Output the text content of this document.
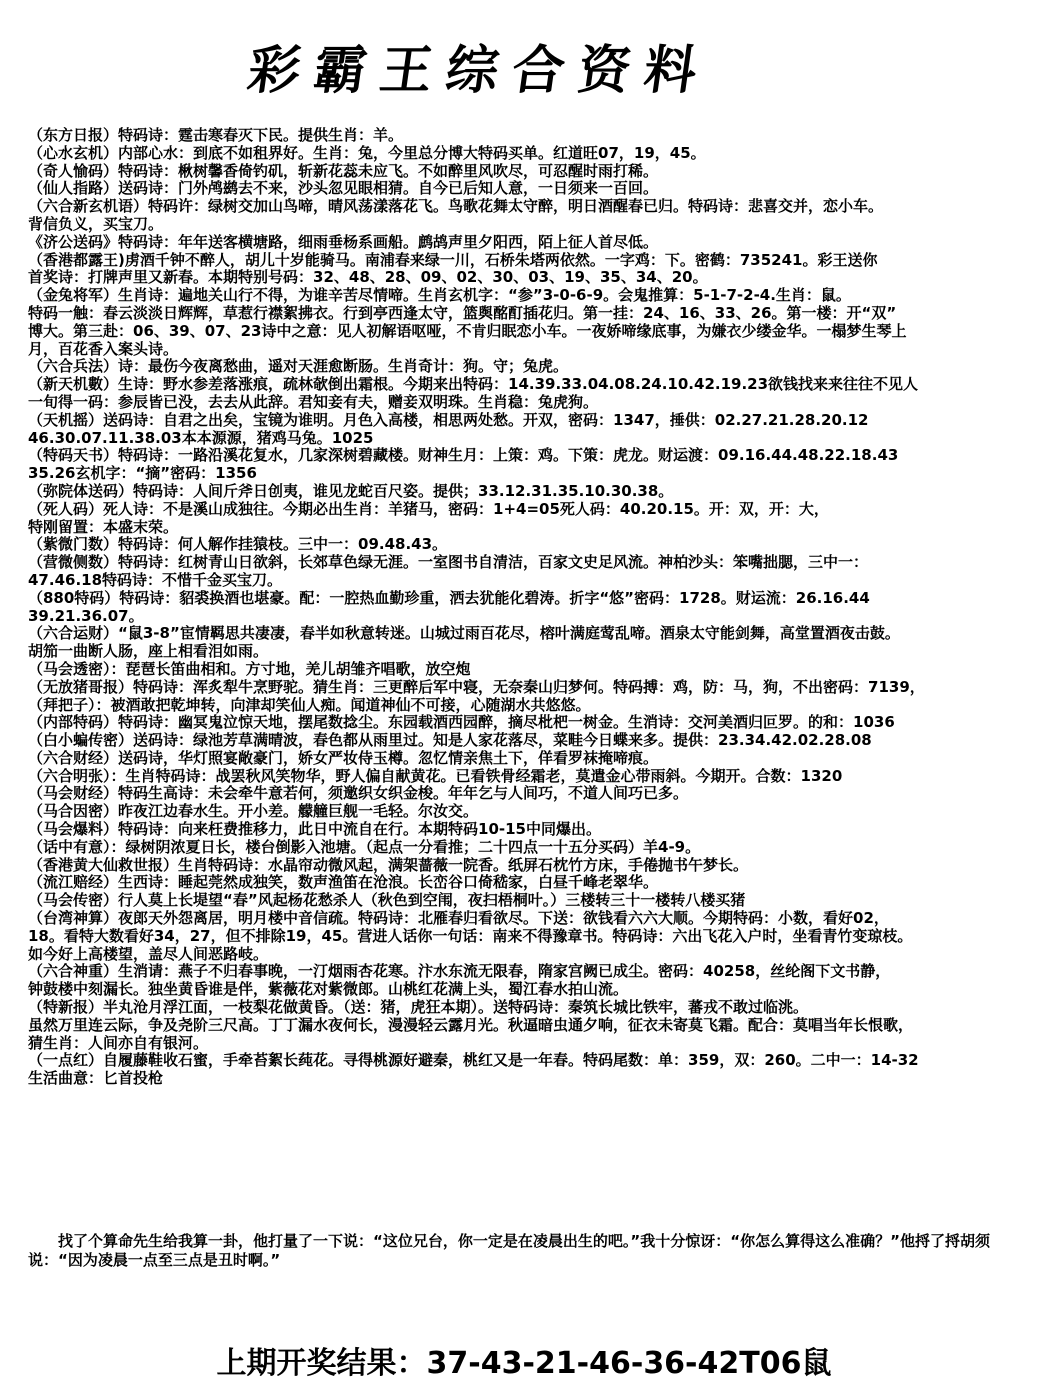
彩霸王综合资料

（东方日报）特码诗：霆击寒春灭下民。提供生肖：羊。

（心水玄机）内部心水：到底不如租界好。生肖：兔，今里总分博大特码买单。红道旺07，19，45。

（奇人愉码）特码诗：楸树馨香倚钓矶，斩新花蕊未应飞。不如醉里风吹尽，可忍醒时雨打稀。

（仙人指路）送码诗：门外鸬鹚去不来，沙头忽见眼相猜。自今已后知人意，一日须来一百回。

（六合新玄机语）特码许：绿树交加山鸟啼，晴风荡漾落花飞。鸟歌花舞太守醉，明日酒醒春已归。特码诗：悲喜交并，恋小车。

背信负义，买宝刀。

《济公送码》特码诗：年年送客横塘路，细雨垂杨系画船。鹧鸪声里夕阳西，陌上征人首尽低。

（香港都露王)虏酒千钟不醉人，胡儿十岁能骑马。南浦春来绿一川，石桥朱塔两依然。一字鸡：下。密鹤：735241。彩王送你

首奖诗：打牌声里又新春。本期特别号码：32、48、28、09、02、30、03、19、35、34、20。

（金兔将军）生肖诗：遍地关山行不得，为谁辛苦尽情啼。生肖玄机字：“参”3-0-6-9。会鬼推算：5-1-7-2-4.生肖：鼠。

特码一触：春云淡淡日辉辉，草惹行襟絮拂衣。行到亭西逢太守，篮舆酩酊插花归。第一挂：24、16、33、26。第一楼：开“双”

博大。第三赴：06、39、07、23诗中之意：见人初解语呕哑，不肯归眠恋小车。一夜娇啼缘底事，为嫌衣少缕金华。一榻梦生琴上

月，百花香入案头诗。

（六合兵法）诗：最伤今夜离愁曲，遥对天涯愈断肠。生肖奇计：狗。守；兔虎。

（新天机數）生诗：野水参差落涨痕，疏林欹倒出霜根。今期来出特码：14.39.33.04.08.24.10.42.19.23欲钱找来来往往不见人

一旬得一码：参辰皆已没，去去从此辞。君知妾有夫，赠妾双明珠。生肖稳：兔虎狗。

（天机摇）送码诗：自君之出矣，宝镜为谁明。月色入高楼，相思两处愁。开双，密码：1347，捶供：02.27.21.28.20.12

46.30.07.11.38.03本本源源，猪鸡马兔。1025

（特码天书）特码诗：一路沿溪花复水，几家深树碧藏楼。财神生月：上策：鸡。下策：虎龙。财运渡：09.16.44.48.22.18.43

35.26玄机字：“摘”密码：1356

（弥院体送码）特码诗：人间斤斧日创夷，谁见龙蛇百尺姿。提供；33.12.31.35.10.30.38。

（死人码）死人诗：不是溪山成独往。今期必出生肖：羊猪马，密码：1+4=05死人码：40.20.15。开：双，开：大，

特刚留置：本盛末荣。

（紫微门数）特码诗：何人解作挂猿枝。三中一：09.48.43。

（营微侧数）特码诗：红树青山日欲斜，长郊草色绿无涯。一室图书自清洁，百家文史足风流。神柏沙头：笨嘴拙腮，三中一：

47.46.18特码诗：不惜千金买宝刀。

（880特码）特码诗：貂裘换酒也堪豪。配：一腔热血勤珍重，洒去犹能化碧涛。折字“悠”密码：1728。财运流：26.16.44

39.21.36.07。

（六合运财）“鼠3-8”宦情羁思共凄凄，春半如秋意转迷。山城过雨百花尽，榕叶满庭莺乱啼。酒泉太守能剑舞，高堂置酒夜击鼓。

胡笳一曲断人肠，座上相看泪如雨。

（马会透密）：琵琶长笛曲相和。方寸地，羌儿胡雏齐唱歌，放空炮

（无放猪哥报）特码诗：浑炙犁牛烹野驼。猜生肖：三更醉后军中寝，无奈秦山归梦何。特码搏：鸡，防：马，狗，不出密码：7139，

（拜把子）：被酒敢把乾坤转，向津却笑仙人痴。闻道神仙不可接，心随湖水共悠悠。

（内部特码）特码诗：幽冥鬼泣惊天地，摆尾数捻尘。东园载酒西园醉，摘尽枇杷一树金。生消诗：交河美酒归叵罗。的和：1036

（白小蝙传密）送码诗：绿池芳草满晴波，春色都从雨里过。知是人家花落尽，菜畦今日蝶来多。提供：23.34.42.02.28.08

（六合财经）送码诗，华灯照宴敞豪门，娇女严妆侍玉樽。忽忆情亲焦土下，佯看罗袜掩啼痕。

（六合明张）：生肖特码诗：战罢秋风笑物华，野人偏自献黄花。已看铁骨经霜老，莫遣金心带雨斜。今期开。合数：1320

（马会财经）特码生高诗：未会牵牛意若何，须邀织女织金梭。年年乞与人间巧，不道人间巧已多。

（马合因密）昨夜江边春水生。开小差。艨艟巨舰一毛轻。尔汝交。

（马会爆料）特码诗：向来枉费推移力，此日中流自在行。本期特码10-15中同爆出。

（话中有意）：绿树阴浓夏日长，楼台倒影入池塘。（起点一分看推；二十四点一十五分买码）羊4-9。

（香港黄大仙救世报）生肖特码诗：水晶帘动微风起，满架蔷薇一院香。纸屏石枕竹方床，手倦抛书午梦长。

（流江赔经）生西诗：睡起莞然成独笑，数声渔笛在沧浪。长峦谷口倚嵇家，白昼千峰老翠华。

（马会传密）行人莫上长堤望“春”风起杨花愁杀人（秋色到空闱，夜扫梧桐叶。）三楼转三十一楼转八楼买猪

（台湾神算）夜郎天外怨离居，明月楼中音信疏。特码诗：北雁春归看欲尽。下送：欲钱看六六大顺。今期特码：小数，看好02，

18。看特大数看好34，27，但不排除19，45。营进人话你一句话：南来不得豫章书。特码诗：六出飞花入户时，坐看青竹变琼枝。

如今好上高楼望，盖尽人间恶路岐。

（六合神重）生消请：燕子不归春事晚，一汀烟雨杏花寒。汴水东流无限春，隋家宫阙已成尘。密码：40258，丝纶阁下文书静，

钟鼓楼中刻漏长。独坐黄昏谁是伴，紫薇花对紫微郎。山桃红花满上头，蜀江春水拍山流。

（特新报）半丸沧月浮江面，一枝梨花做黄昏。（送：猪，虎狂本期）。送特码诗：秦筑长城比铁牢，蕃戎不敢过临洮。

虽然万里连云际，争及尧阶三尺高。丁丁漏水夜何长，漫漫轻云露月光。秋逼暗虫通夕响，征衣未寄莫飞霜。配合：莫唱当年长恨歌，

猜生肖：人间亦自有银河。

（一点红）自履藤鞋收石蜜，手牵苔絮长莼花。寻得桃源好避秦，桃红又是一年春。特码尾数：单：359，双：260。二中一：14-32

生活曲意：匕首投枪

找了个算命先生给我算一卦，他打量了一下说：“这位兄台，你一定是在凌晨出生的吧。”我十分惊讶：“你怎么算得这么准确？”他捋了捋胡须说：“因为凌晨一点至三点是丑时啊。”

上期开奖结果：37-43-21-46-36-42T06鼠
